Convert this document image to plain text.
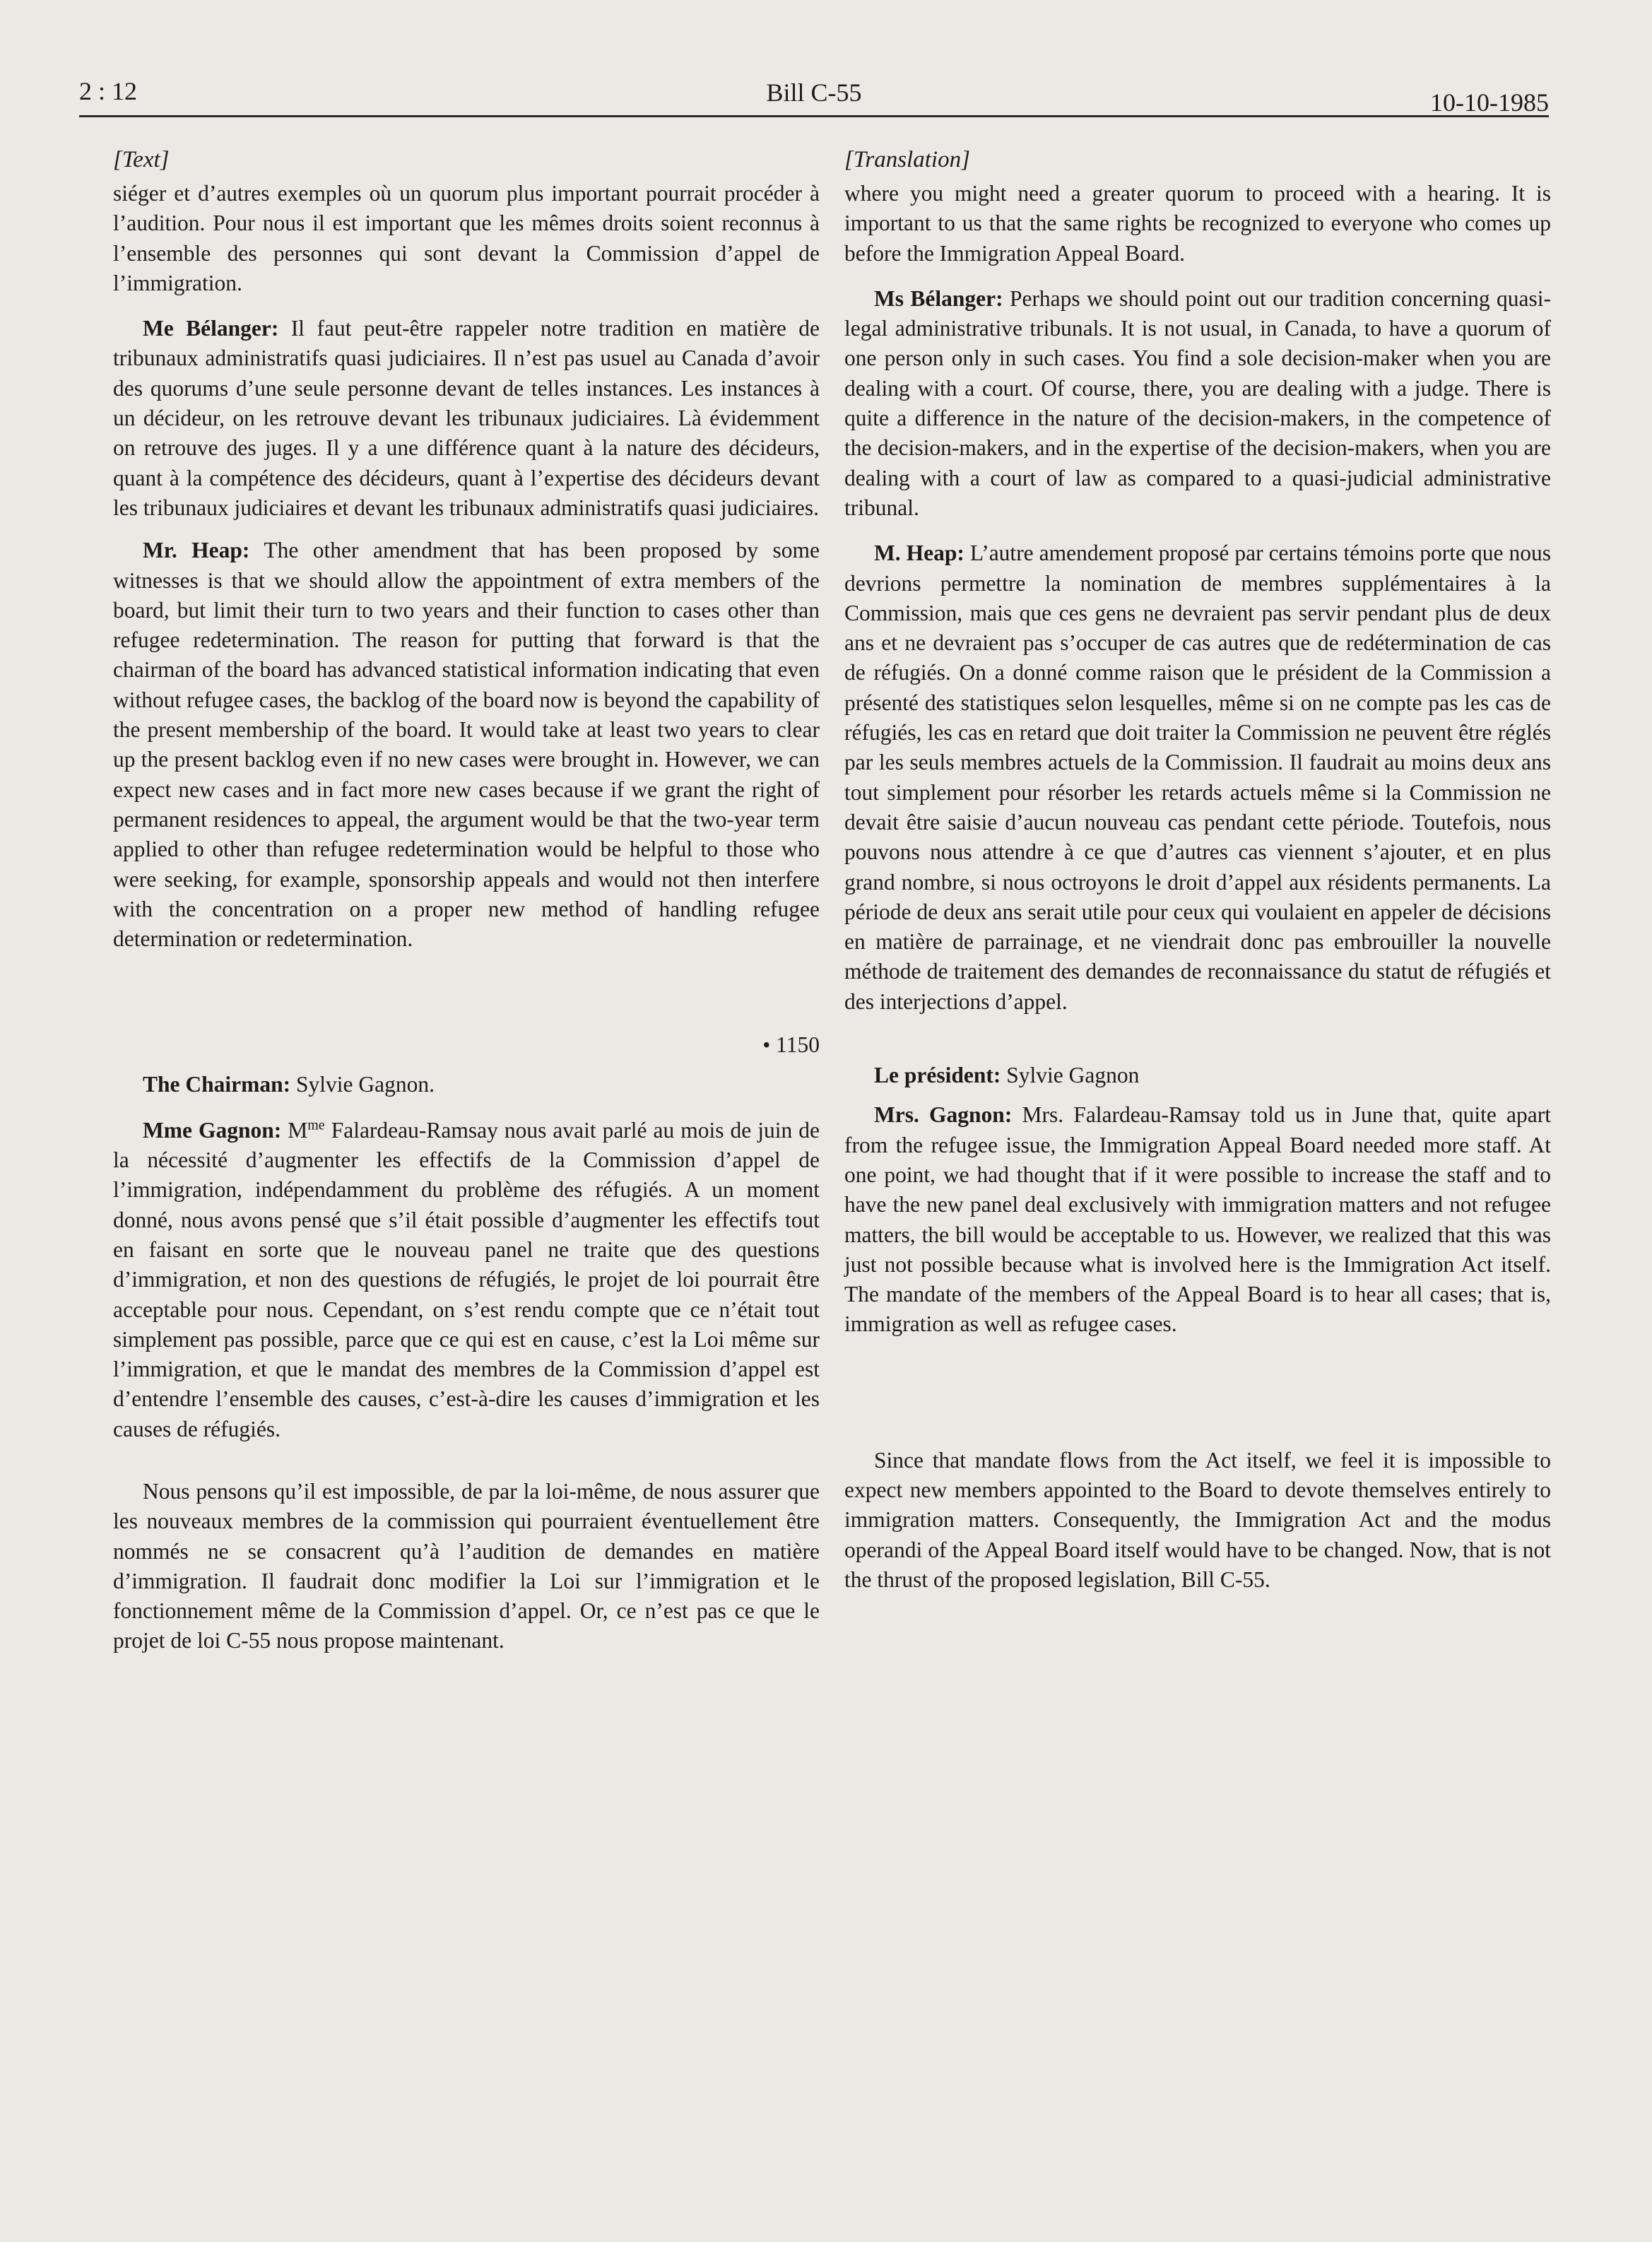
2 : 12	Bill C-55	10-10-1985
[Text]

siéger et d’autres exemples où un quorum plus important pourrait procéder à l’audition. Pour nous il est important que les mêmes droits soient reconnus à l’ensemble des personnes qui sont devant la Commission d’appel de l’immigration.

Me Bélanger: Il faut peut-être rappeler notre tradition en matière de tribunaux administratifs quasi judiciaires. Il n’est pas usuel au Canada d’avoir des quorums d’une seule personne devant de telles instances. Les instances à un décideur, on les retrouve devant les tribunaux judiciaires. Là évidemment on retrouve des juges. Il y a une différence quant à la nature des décideurs, quant à la compétence des décideurs, quant à l’expertise des décideurs devant les tribunaux judiciaires et devant les tribunaux administratifs quasi judiciaires.

Mr. Heap: The other amendment that has been proposed by some witnesses is that we should allow the appointment of extra members of the board, but limit their turn to two years and their function to cases other than refugee redetermination. The reason for putting that forward is that the chairman of the board has advanced statistical information indicating that even without refugee cases, the backlog of the board now is beyond the capability of the present membership of the board. It would take at least two years to clear up the present backlog even if no new cases were brought in. However, we can expect new cases and in fact more new cases because if we grant the right of permanent residences to appeal, the argument would be that the two-year term applied to other than refugee redetermination would be helpful to those who were seeking, for example, sponsorship appeals and would not then interfere with the concentration on a proper new method of handling refugee determination or redetermination.

• 1150

The Chairman: Sylvie Gagnon.

Mme Gagnon: $M^{me}$ Falardeau-Ramsay nous avait parlé au mois de juin de la nécessité d’augmenter les effectifs de la Commission d’appel de l’immigration, indépendamment du problème des réfugiés. A un moment donné, nous avons pensé que s’il était possible d’augmenter les effectifs tout en faisant en sorte que le nouveau panel ne traite que des questions d’immigration, et non des questions de réfugiés, le projet de loi pourrait être acceptable pour nous. Cependant, on s’est rendu compte que ce n’était tout simplement pas possible, parce que ce qui est en cause, c’est la Loi même sur l’immigration, et que le mandat des membres de la Commission d’appel est d’entendre l’ensemble des causes, c’est-à-dire les causes d’immigration et les causes de réfugiés.

Nous pensons qu’il est impossible, de par la loi-même, de nous assurer que les nouveaux membres de la commission qui pourraient éventuellement être nommés ne se consacrent qu’à l’audition de demandes en matière d’immigration. Il faudrait donc modifier la Loi sur l’immigration et le fonctionnement même de la Commission d’appel. Or, ce n’est pas ce que le projet de loi C-55 nous propose maintenant.

[Translation]

where you might need a greater quorum to proceed with a hearing. It is important to us that the same rights be recognized to everyone who comes up before the Immigration Appeal Board.

Ms Bélanger: Perhaps we should point out our tradition concerning quasi-legal administrative tribunals. It is not usual, in Canada, to have a quorum of one person only in such cases. You find a sole decision-maker when you are dealing with a court. Of course, there, you are dealing with a judge. There is quite a difference in the nature of the decision-makers, in the competence of the decision-makers, and in the expertise of the decision-makers, when you are dealing with a court of law as compared to a quasi-judicial administrative tribunal.

M. Heap: L’autre amendement proposé par certains témoins porte que nous devrions permettre la nomination de membres supplémentaires à la Commission, mais que ces gens ne devraient pas servir pendant plus de deux ans et ne devraient pas s’occuper de cas autres que de redétermination de cas de réfugiés. On a donné comme raison que le président de la Commission a présenté des statistiques selon lesquelles, même si on ne compte pas les cas de réfugiés, les cas en retard que doit traiter la Commission ne peuvent être réglés par les seuls membres actuels de la Commission. Il faudrait au moins deux ans tout simplement pour résorber les retards actuels même si la Commission ne devait être saisie d’aucun nouveau cas pendant cette période. Toutefois, nous pouvons nous attendre à ce que d’autres cas viennent s’ajouter, et en plus grand nombre, si nous octroyons le droit d’appel aux résidents permanents. La période de deux ans serait utile pour ceux qui voulaient en appeler de décisions en matière de parrainage, et ne viendrait donc pas embrouiller la nouvelle méthode de traitement des demandes de reconnaissance du statut de réfugiés et des interjections d’appel.

Le président: Sylvie Gagnon

Mrs. Gagnon: Mrs. Falardeau-Ramsay told us in June that, quite apart from the refugee issue, the Immigration Appeal Board needed more staff. At one point, we had thought that if it were possible to increase the staff and to have the new panel deal exclusively with immigration matters and not refugee matters, the bill would be acceptable to us. However, we realized that this was just not possible because what is involved here is the Immigration Act itself. The mandate of the members of the Appeal Board is to hear all cases; that is, immigration as well as refugee cases.

Since that mandate flows from the Act itself, we feel it is impossible to expect new members appointed to the Board to devote themselves entirely to immigration matters. Consequently, the Immigration Act and the modus operandi of the Appeal Board itself would have to be changed. Now, that is not the thrust of the proposed legislation, Bill C-55.
